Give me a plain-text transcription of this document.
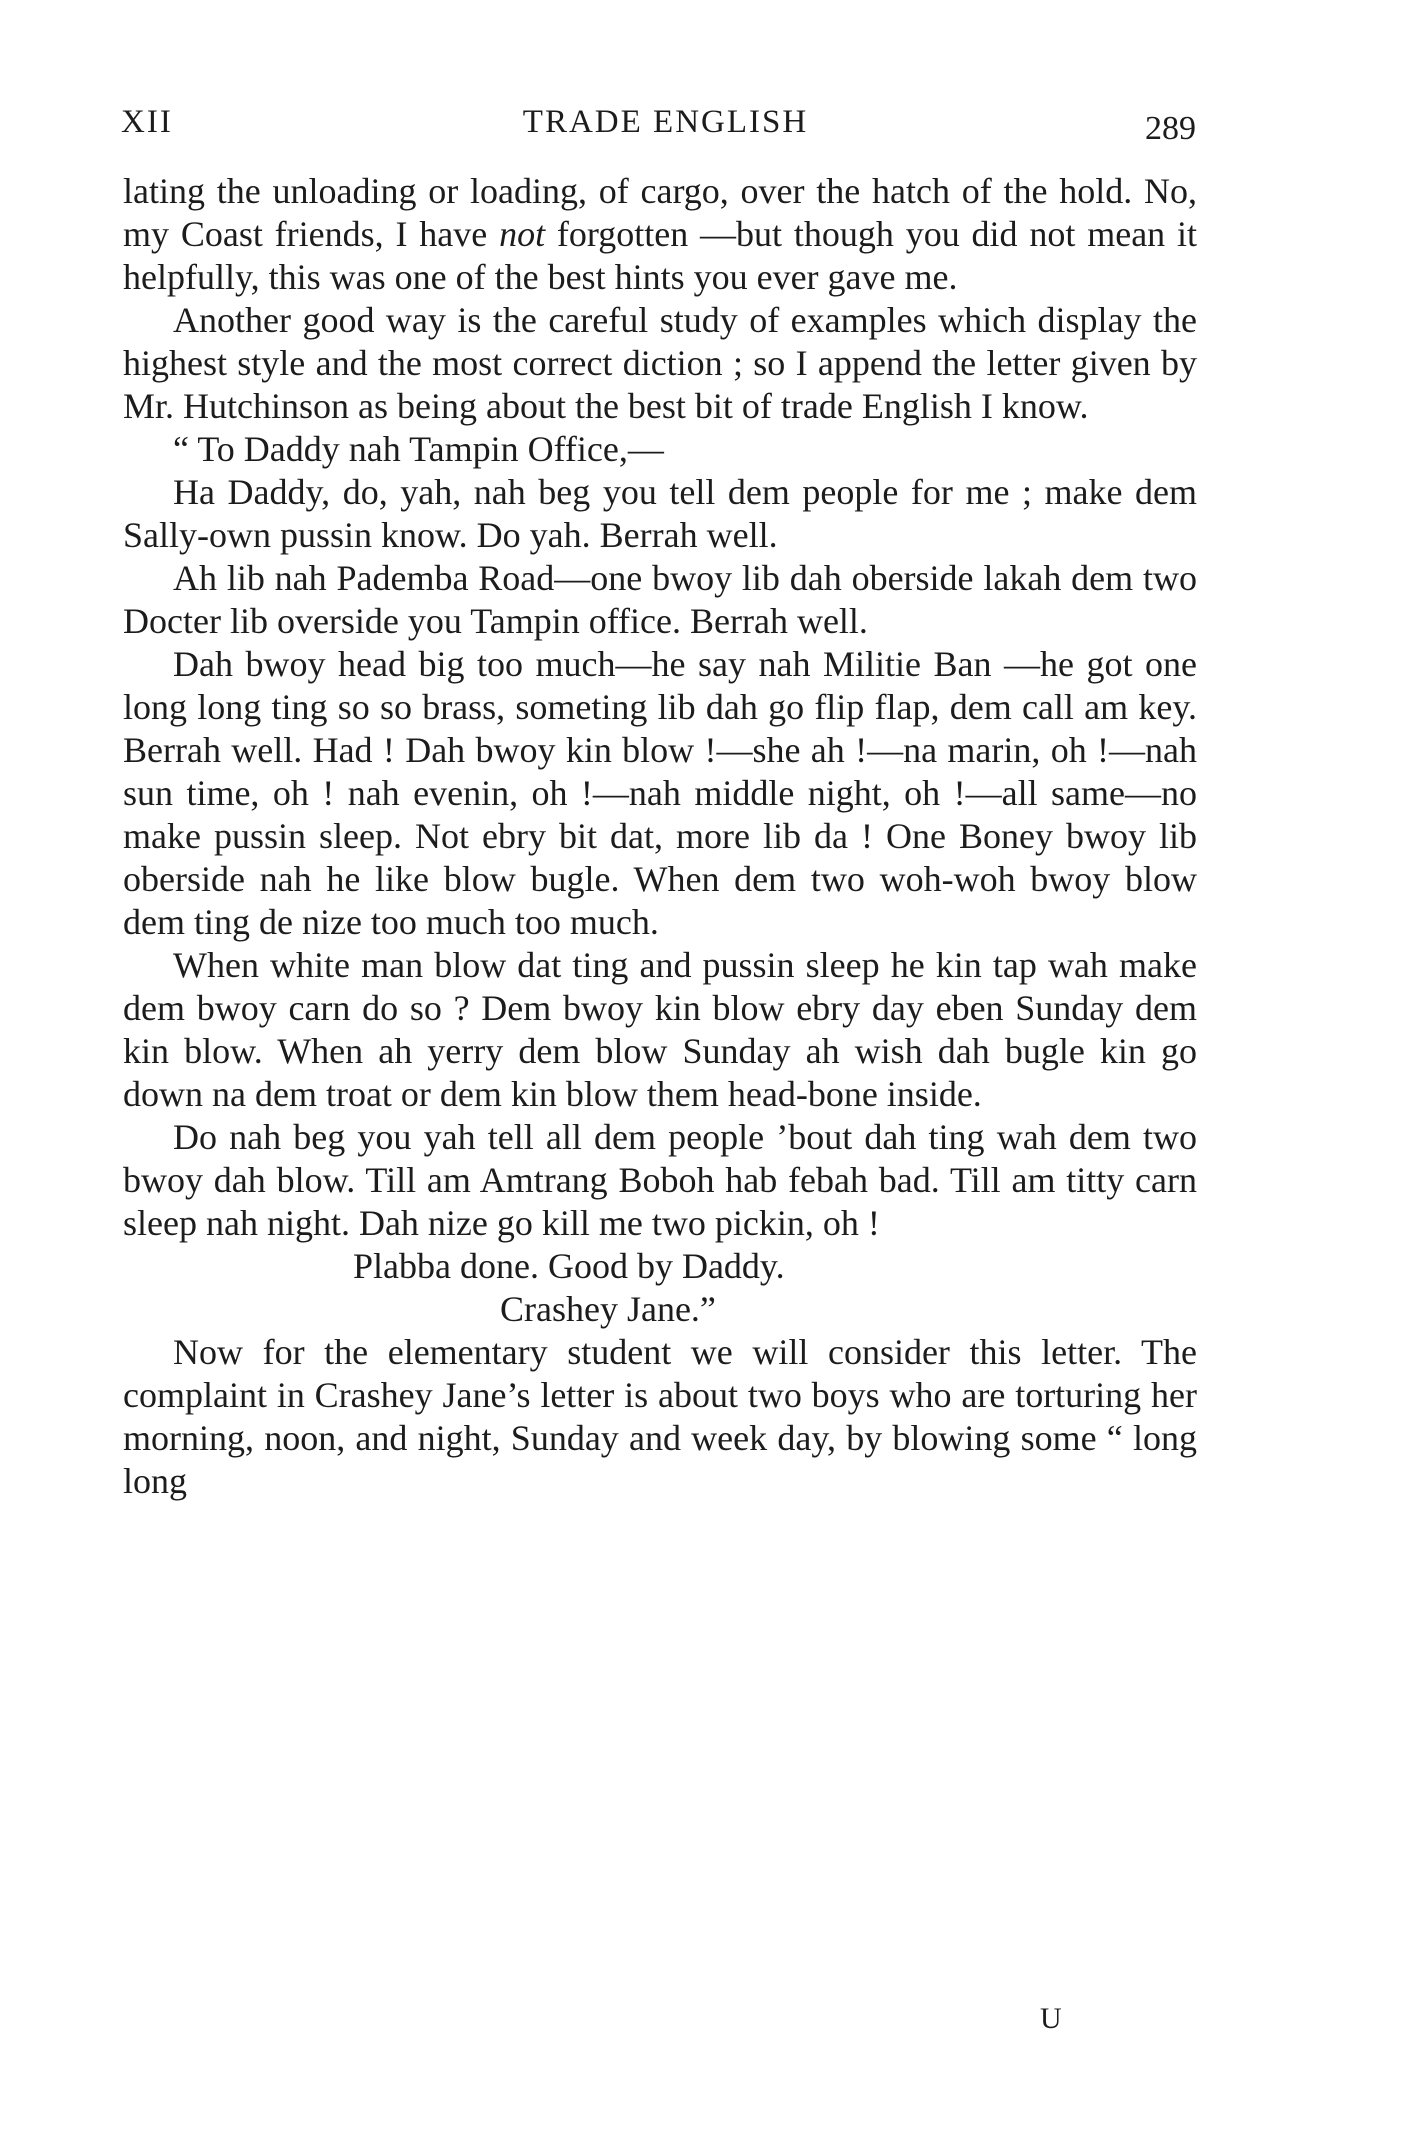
XII	TRADE ENGLISH	289

lating the unloading or loading, of cargo, over the hatch of the hold. No, my Coast friends, I have not forgotten —but though you did not mean it helpfully, this was one of the best hints you ever gave me.

Another good way is the careful study of examples which display the highest style and the most correct diction ; so I append the letter given by Mr. Hutchinson as being about the best bit of trade English I know.

“ To Daddy nah Tampin Office,—

Ha Daddy, do, yah, nah beg you tell dem people for me ; make dem Sally-own pussin know. Do yah. Berrah well.

Ah lib nah Pademba Road—one bwoy lib dah oberside lakah dem two Docter lib overside you Tampin office. Berrah well.

Dah bwoy head big too much—he say nah Militie Ban —he got one long long ting so so brass, someting lib dah go flip flap, dem call am key. Berrah well. Had ! Dah bwoy kin blow !—she ah !—na marin, oh !—nah sun time, oh ! nah evenin, oh !—nah middle night, oh !—all same—no make pussin sleep. Not ebry bit dat, more lib da ! One Boney bwoy lib oberside nah he like blow bugle. When dem two woh-woh bwoy blow dem ting de nize too much too much.

When white man blow dat ting and pussin sleep he kin tap wah make dem bwoy carn do so ? Dem bwoy kin blow ebry day eben Sunday dem kin blow. When ah yerry dem blow Sunday ah wish dah bugle kin go down na dem troat or dem kin blow them head-bone inside.

Do nah beg you yah tell all dem people ’bout dah ting wah dem two bwoy dah blow. Till am Amtrang Boboh hab febah bad. Till am titty carn sleep nah night. Dah nize go kill me two pickin, oh !

Plabba done. Good by Daddy.

Crashey Jane.”

Now for the elementary student we will consider this letter. The complaint in Crashey Jane’s letter is about two boys who are torturing her morning, noon, and night, Sunday and week day, by blowing some “ long long

U
